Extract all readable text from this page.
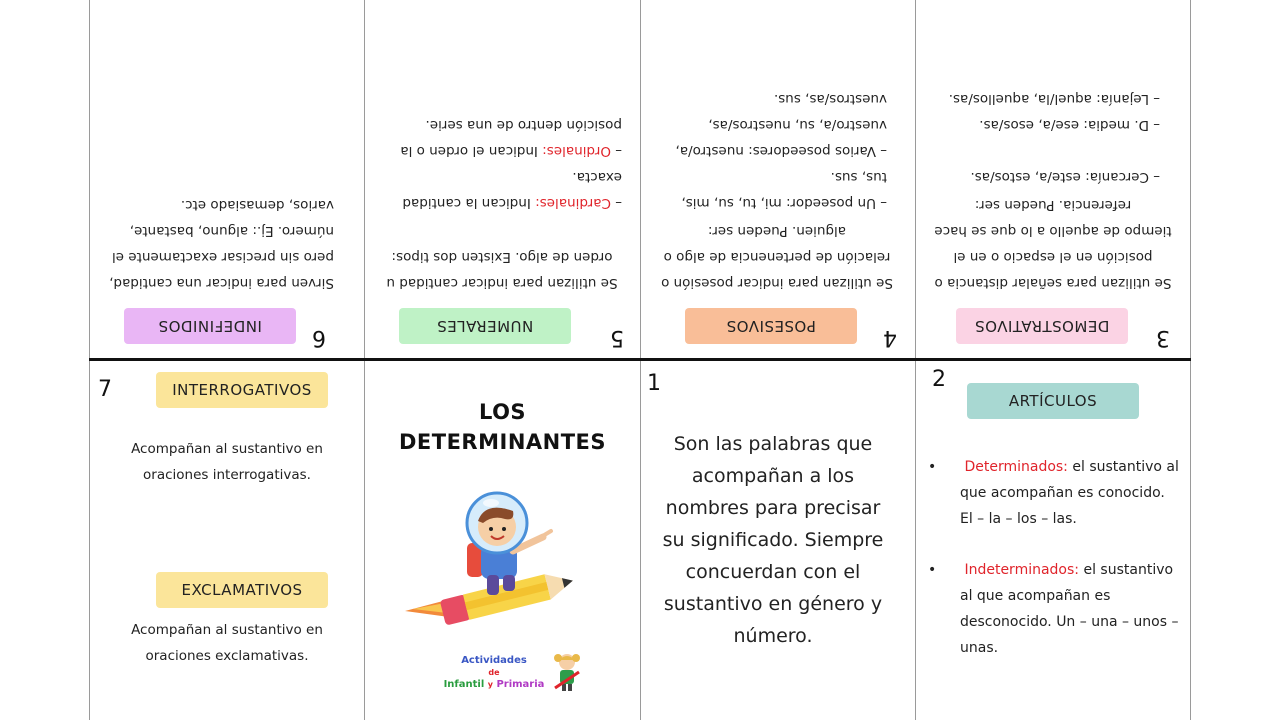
6
INDEFINIDOS
Sirven para indicar una cantidad, pero sin precisar exactamente el número. Ej.: alguno, bastante, varios, demasiado etc.
5
NUMERALES
Se utilizan para indicar cantidad u orden de algo. Existen dos tipos:
– Cardinales: Indican la cantidad exacta.
– Ordinales: Indican el orden o la posición dentro de una serie.
4
POSESIVOS
Se utilizan para indicar posesión o relación de pertenencia de algo o alguien. Pueden ser:
– Un poseedor: mi, tu, su, mis, tus, sus.
– Varios poseedores: nuestro/a, vuestro/a, su, nuestros/as, vuestros/as, sus.
3
DEMOSTRATIVOS
Se utilizan para señalar distancia o posición en el espacio o en el tiempo de aquello a lo que se hace referencia. Pueden ser:
– Cercanía: este/a, estos/as.
– D. media: ese/a, esos/as.
– Lejanía: aquel/la, aquellos/as.
7	INTERROGATIVOS
Acompañan al sustantivo en oraciones interrogativas.
EXCLAMATIVOS
Acompañan al sustantivo en oraciones exclamativas.
LOS
DETERMINANTES
Actividades
de
Infantil y Primaria
1
Son las palabras que acompañan a los nombres para precisar su significado. Siempre concuerdan con el sustantivo en género y número.
2
ARTÍCULOS
• Determinados: el sustantivo al que acompañan es conocido. El – la – los – las.
• Indeterminados: el sustantivo al que acompañan es desconocido. Un – una – unos – unas.
